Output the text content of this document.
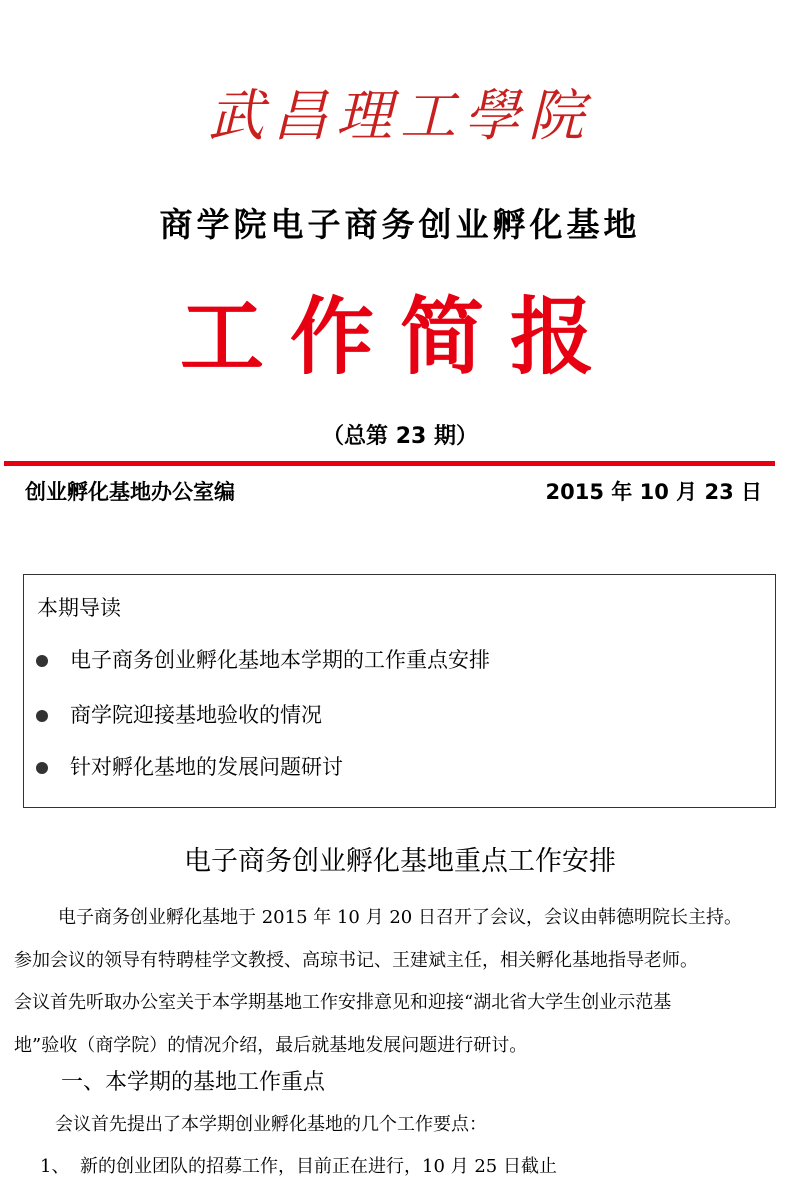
武昌理工學院
商学院电子商务创业孵化基地
工作简报
（总第 23 期）
创业孵化基地办公室编	2015 年 10 月 23 日
本期导读
电子商务创业孵化基地本学期的工作重点安排
商学院迎接基地验收的情况
针对孵化基地的发展问题研讨
电子商务创业孵化基地重点工作安排
电子商务创业孵化基地于 2015 年 10 月 20 日召开了会议，会议由韩德明院长主持。
参加会议的领导有特聘桂学文教授、高琼书记、王建斌主任，相关孵化基地指导老师。
会议首先听取办公室关于本学期基地工作安排意见和迎接“湖北省大学生创业示范基
地”验收（商学院）的情况介绍，最后就基地发展问题进行研讨。
一、本学期的基地工作重点
会议首先提出了本学期创业孵化基地的几个工作要点：
1、 新的创业团队的招募工作，目前正在进行，10 月 25 日截止
